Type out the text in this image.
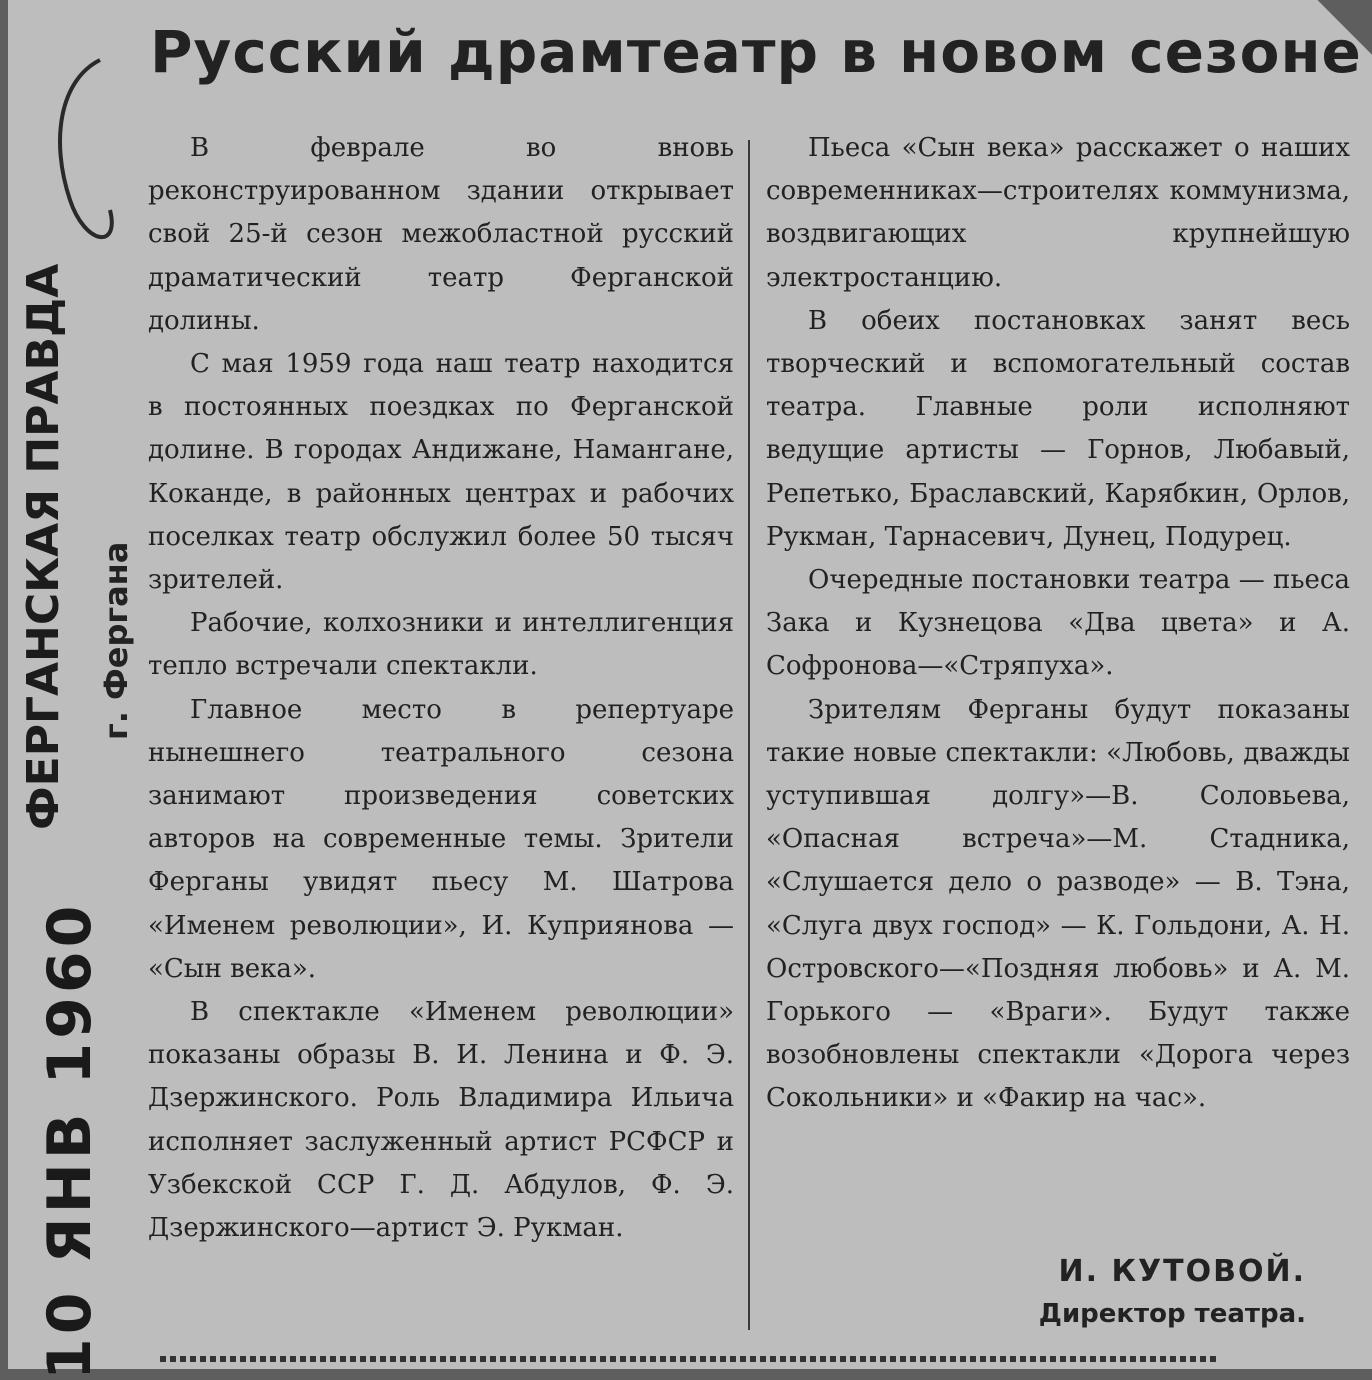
10 ЯНВ 1960
ФЕРГАНСКАЯ ПРАВДА г. Фергана
Русский драмтеатр в новом сезоне

В феврале во вновь реконструированном здании открывает свой 25-й сезон межобластной русский драматический театр Ферганской долины.

С мая 1959 года наш театр находится в постоянных поездках по Ферганской долине. В городах Андижане, Намангане, Коканде, в районных центрах и рабочих поселках театр обслужил более 50 тысяч зрителей.

Рабочие, колхозники и интеллигенция тепло встречали спектакли.

Главное место в репертуаре нынешнего театрального сезона занимают произведения советских авторов на современные темы. Зрители Ферганы увидят пьесу М. Шатрова «Именем революции», И. Куприянова — «Сын века».

В спектакле «Именем революции» показаны образы В. И. Ленина и Ф. Э. Дзержинского. Роль Владимира Ильича исполняет заслуженный артист РСФСР и Узбекской ССР Г. Д. Абдулов, Ф. Э. Дзержинского—артист Э. Рукман.

Пьеса «Сын века» расскажет о наших современниках—строителях коммунизма, воздвигающих крупнейшую электростанцию.

В обеих постановках занят весь творческий и вспомогательный состав театра. Главные роли исполняют ведущие артисты — Горнов, Любавый, Репетько, Браславский, Карябкин, Орлов, Рукман, Тарнасевич, Дунец, Подурец.

Очередные постановки театра — пьеса Зака и Кузнецова «Два цвета» и А. Софронова—«Стряпуха».

Зрителям Ферганы будут показаны такие новые спектакли: «Любовь, дважды уступившая долгу»—В. Соловьева, «Опасная встреча»—М. Стадника, «Слушается дело о разводе» — В. Тэна, «Слуга двух господ» — К. Гольдони, А. Н. Островского—«Поздняя любовь» и А. М. Горького — «Враги». Будут также возобновлены спектакли «Дорога через Сокольники» и «Факир на час».

И. КУТОВОЙ.
Директор театра.
